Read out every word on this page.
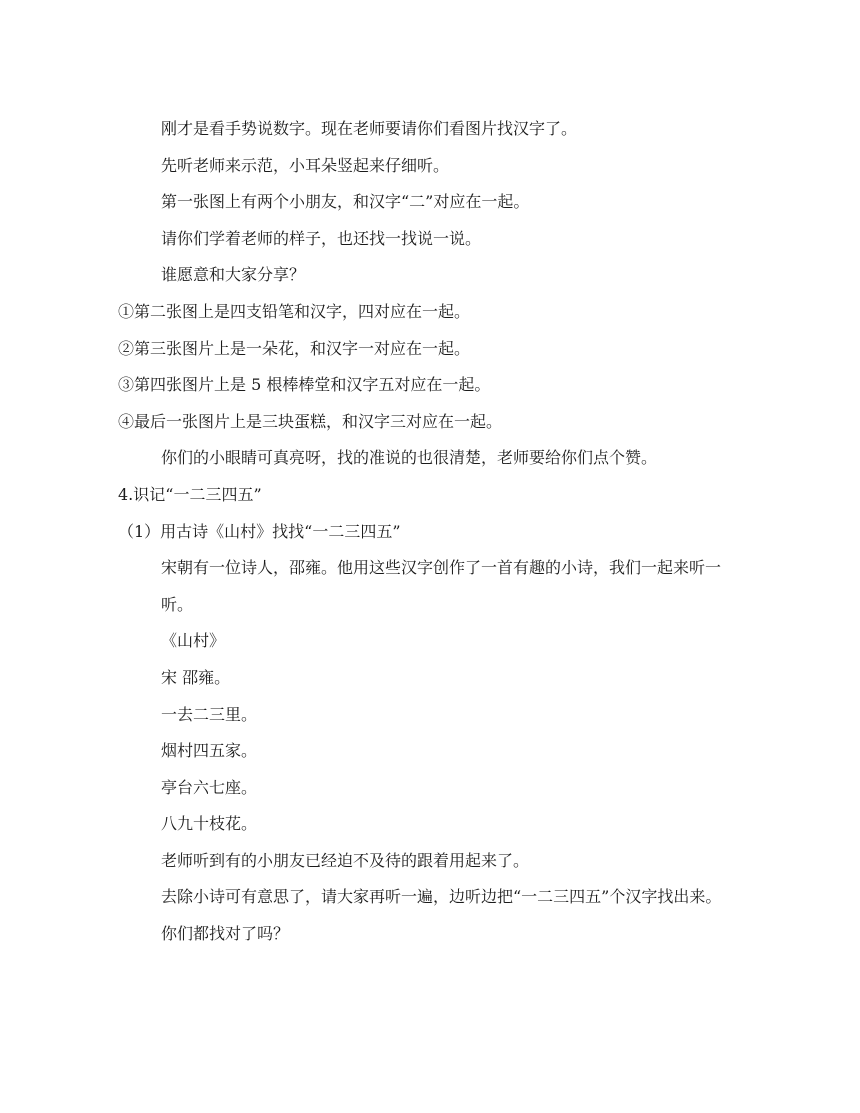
刚才是看手势说数字。现在老师要请你们看图片找汉字了。
先听老师来示范，小耳朵竖起来仔细听。
第一张图上有两个小朋友，和汉字“二”对应在一起。
请你们学着老师的样子，也还找一找说一说。
谁愿意和大家分享？
①第二张图上是四支铅笔和汉字，四对应在一起。
②第三张图片上是一朵花，和汉字一对应在一起。
③第四张图片上是 5 根棒棒堂和汉字五对应在一起。
④最后一张图片上是三块蛋糕，和汉字三对应在一起。
你们的小眼睛可真亮呀，找的准说的也很清楚，老师要给你们点个赞。
4.识记“一二三四五”
（1）用古诗《山村》找找“一二三四五”
宋朝有一位诗人，邵雍。他用这些汉字创作了一首有趣的小诗，我们一起来听一听。
《山村》
宋 邵雍。
一去二三里。
烟村四五家。
亭台六七座。
八九十枝花。
老师听到有的小朋友已经迫不及待的跟着用起来了。
去除小诗可有意思了，请大家再听一遍，边听边把“一二三四五”个汉字找出来。
你们都找对了吗？
